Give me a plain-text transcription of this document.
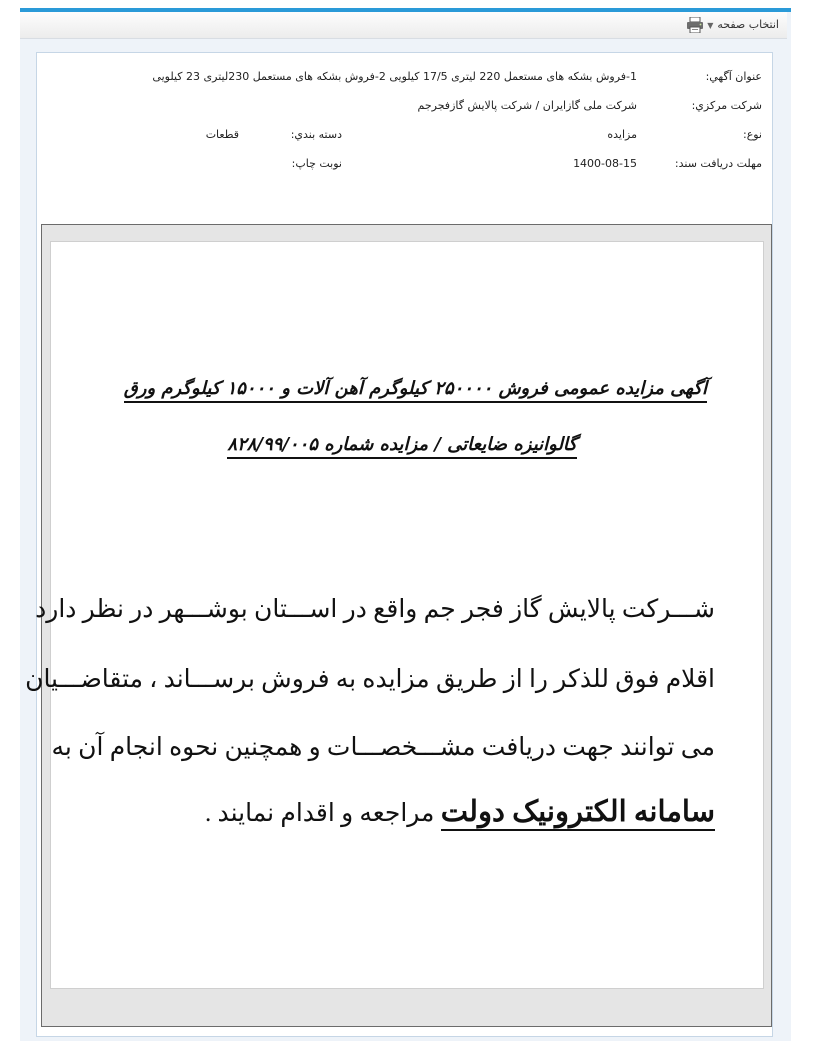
انتخاب صفحه▼
عنوان آگهي:
1-فروش بشکه های مستعمل 220 لیتری 17/5 کیلویی 2-فروش بشکه های مستعمل 230لیتری 23 کیلویی
شرکت مرکزي:
شرکت ملی گازایران / شرکت پالایش گازفجرجم
نوع:
مزايده
دسته بندي:
قطعات
مهلت دريافت سند:
1400-08-15
نوبت چاپ:
آگهی مزایده عمومی فروش ۲۵۰۰۰۰ کیلوگرم آهن آلات و ۱۵۰۰۰ کیلوگرم ورق
گالوانیزه ضایعاتی / مزایده شماره ۸۲۸/۹۹/۰۰۵
شـــرکت پالایش گاز فجر جم واقع در اســـتان بوشـــهر در نظر دارد
اقلام فوق للذکر را از طریق مزایده به فروش برســـاند ، متقاضـــیان
می توانند جهت دریافت مشـــخصـــات و همچنین نحوه انجام آن به
سامانه الکترونیک دولت مراجعه و اقدام نمایند .
